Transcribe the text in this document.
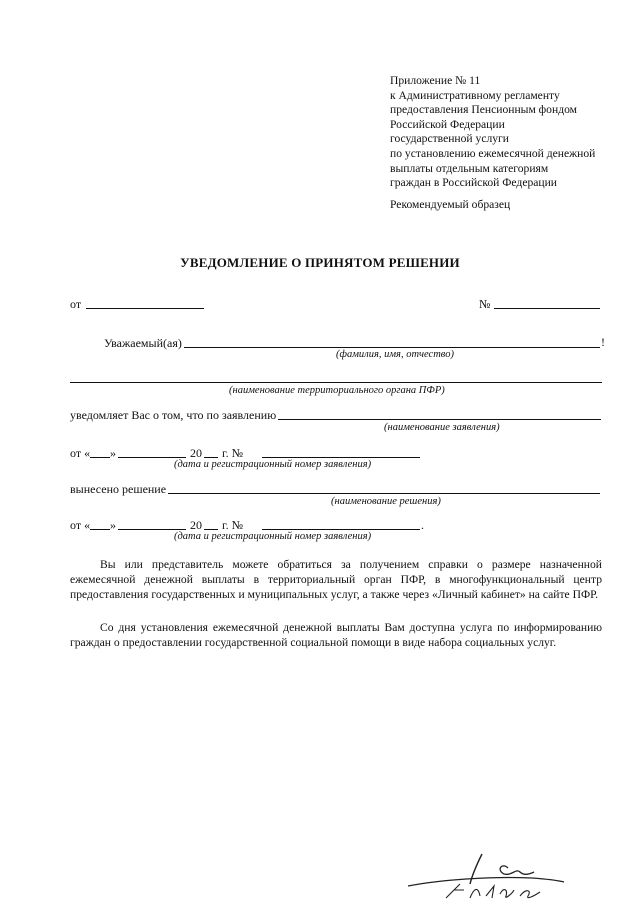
Приложение № 11
к Административному регламенту
предоставления Пенсионным фондом
Российской Федерации
государственной услуги
по установлению ежемесячной денежной
выплаты отдельным категориям
граждан в Российской Федерации
Рекомендуемый образец
УВЕДОМЛЕНИЕ О ПРИНЯТОМ РЕШЕНИИ
от	№
Уважаемый(ая)	!
(фамилия, имя, отчество)
(наименование территориального органа ПФР)
уведомляет Вас о том, что по заявлению
(наименование заявления)
от « »	20 г. №
(дата и регистрационный номер заявления)
вынесено решение
(наименование решения)
от « »	20 г. №	.
(дата и регистрационный номер заявления)
Вы или представитель можете обратиться за получением справки о размере назначенной ежемесячной денежной выплаты в территориальный орган ПФР, в многофункциональный центр предоставления государственных и муниципальных услуг, а также через «Личный кабинет» на сайте ПФР.
Со дня установления ежемесячной денежной выплаты Вам доступна услуга по информированию граждан о предоставлении государственной социальной помощи в виде набора социальных услуг.
